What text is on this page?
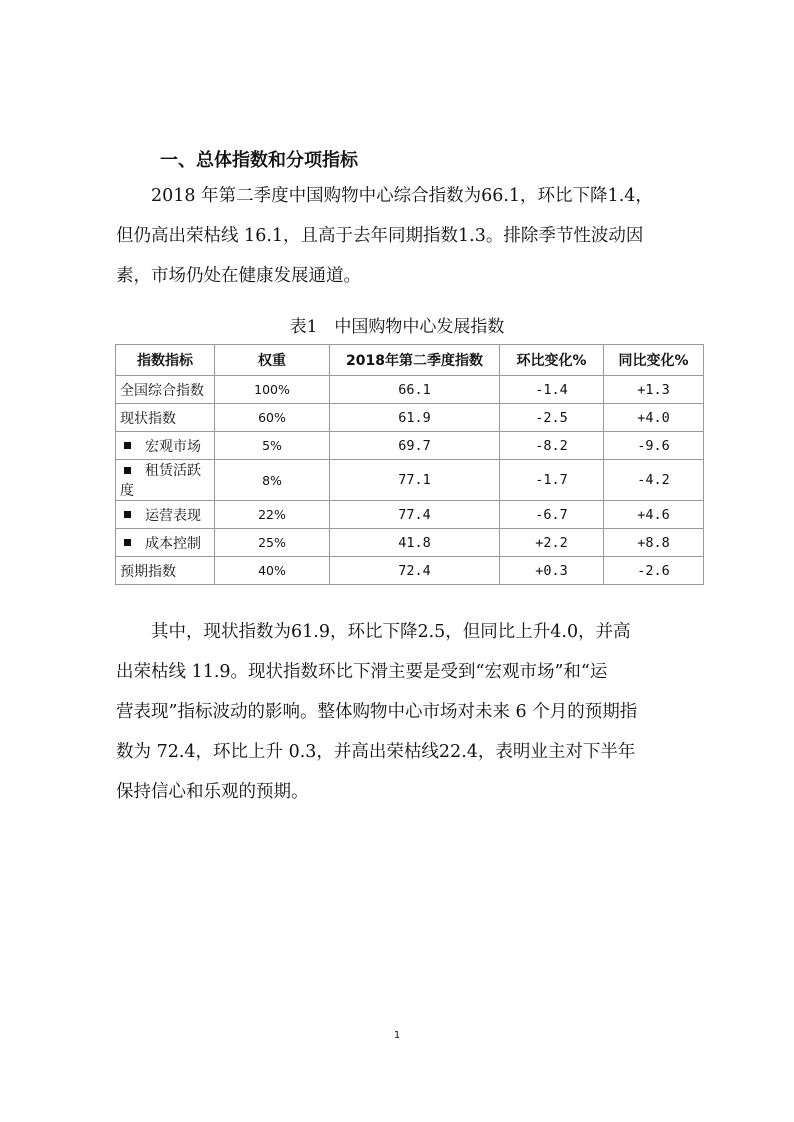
一、总体指数和分项指标

　　2018 年第二季度中国购物中心综合指数为66.1，环比下降1.4，

但仍高出荣枯线 16.1，且高于去年同期指数1.3。排除季节性波动因

素，市场仍处在健康发展通道。

表1　中国购物中心发展指数
指数指标	权重	2018年第二季度指数	环比变化%	同比变化%
全国综合指数	100%	66.1	-1.4	+1.3
现状指数	60%	61.9	-2.5	+4.0
宏观市场	5%	69.7	-8.2	-9.6
租赁活跃度	8%	77.1	-1.7	-4.2
运营表现	22%	77.4	-6.7	+4.6
成本控制	25%	41.8	+2.2	+8.8
预期指数	40%	72.4	+0.3	-2.6

　　其中，现状指数为61.9，环比下降2.5，但同比上升4.0，并高

出荣枯线 11.9。现状指数环比下滑主要是受到“宏观市场”和“运

营表现”指标波动的影响。整体购物中心市场对未来 6 个月的预期指

数为 72.4，环比上升 0.3，并高出荣枯线22.4，表明业主对下半年

保持信心和乐观的预期。

1
